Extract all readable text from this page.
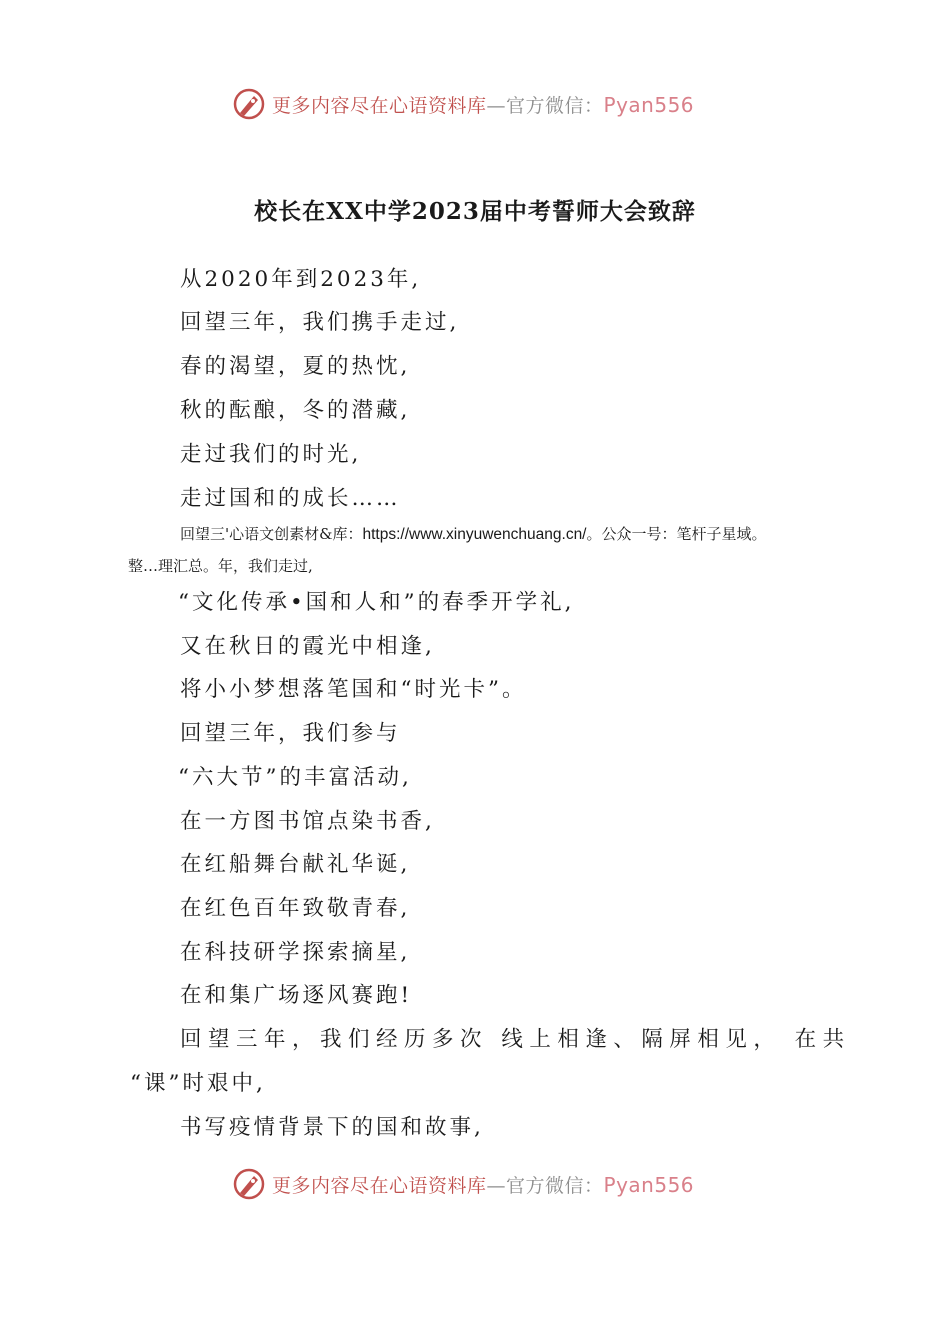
更多内容尽在心语资料库—官方微信：Pyan556
校长在XX中学2023届中考誓师大会致辞
从2020年到2023年,
回望三年，我们携手走过,
春的渴望，夏的热忱,
秋的酝酿，冬的潜藏,
走过我们的时光,
走过国和的成长……
回望三'心语文创素材&库：https://www.xinyuwenchuang.cn/。公众一号：笔杆子星域。
整…理汇总。年，我们走过,
“文化传承•国和人和”的春季开学礼,
又在秋日的霞光中相逢,
将小小梦想落笔国和“时光卡”。
回望三年，我们参与
“六大节”的丰富活动,
在一方图书馆点染书香,
在红船舞台献礼华诞,
在红色百年致敬青春,
在科技研学探索摘星,
在和集广场逐风赛跑!
回望三年，我们经历多次 线上相逢、隔屏相见， 在共
“课”时艰中,
书写疫情背景下的国和故事,
更多内容尽在心语资料库—官方微信：Pyan556
